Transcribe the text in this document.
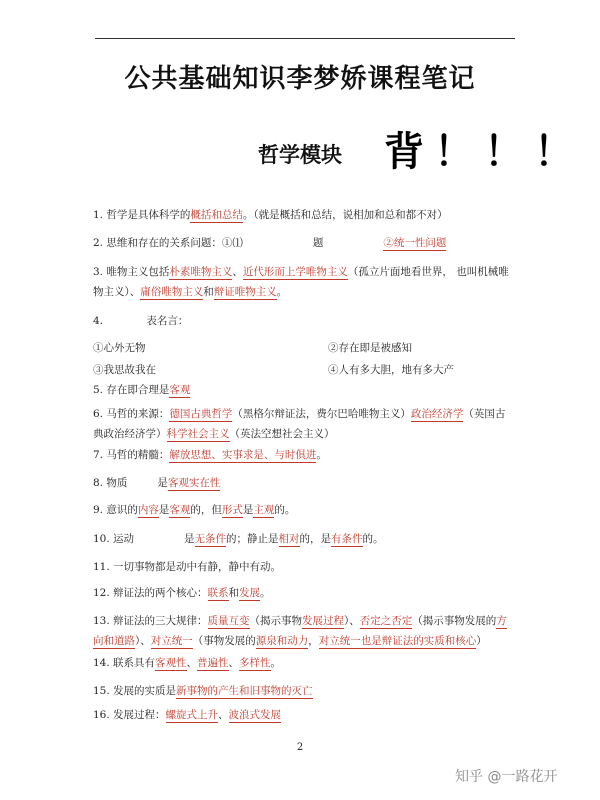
公共基础知识李梦娇课程笔记
哲学模块 背！！！
1. 哲学是具体科学的概括和总结。（就是概括和总结，说相加和总和都不对）
2. 思维和存在的关系问题：①⑴	题	②统一性问题
3. 唯物主义包括朴素唯物主义、近代形而上学唯物主义（孤立片面地看世界， 也叫机械唯物主义）、庸俗唯物主义和辩证唯物主义。
4.	表名言：
①心外无物	②存在即是被感知
③我思故我在	④人有多大胆，地有多大产
5. 存在即合理是客观
6. 马哲的来源：德国古典哲学（黑格尔辩证法，费尔巴哈唯物主义）政治经济学（英国古典政治经济学）科学社会主义（英法空想社会主义）
7. 马哲的精髓：解放思想、实事求是、与时俱进。
8. 物质	是客观实在性
9. 意识的内容是客观的，但形式是主观的。
10. 运动	是无条件的；静止是相对的，是有条件的。
11. 一切事物都是动中有静，静中有动。
12. 辩证法的两个核心：联系和发展。
13. 辩证法的三大规律：质量互变（揭示事物发展过程）、否定之否定（揭示事物发展的方向和道路）、对立统一（事物发展的源泉和动力，对立统一也是辩证法的实质和核心）
14. 联系具有客观性、普遍性、多样性。
15. 发展的实质是新事物的产生和旧事物的灭亡
16. 发展过程：螺旋式上升、波浪式发展
2
知乎 @一路花开
